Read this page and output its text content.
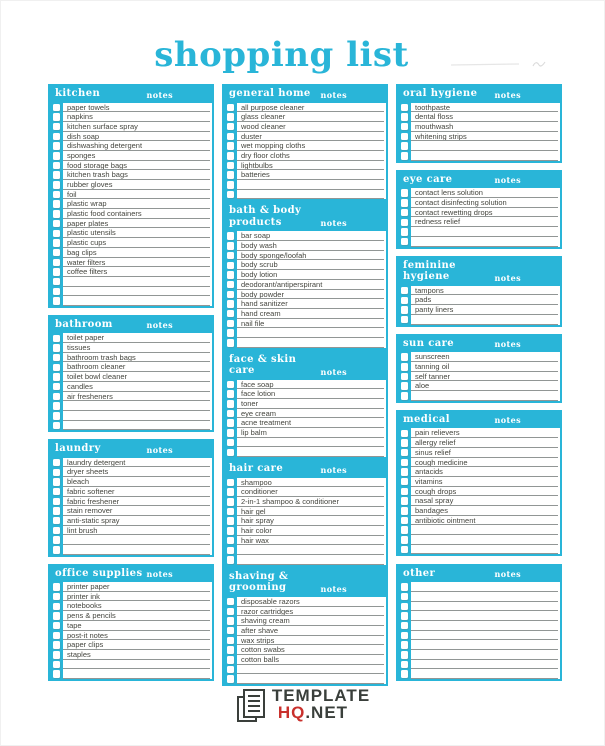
shopping list
kitchen	notes
paper towels
napkins
kitchen surface spray
dish soap
dishwashing detergent
sponges
food storage bags
kitchen trash bags
rubber gloves
foil
plastic wrap
plastic food containers
paper plates
plastic utensils
plastic cups
bag clips
water filters
coffee filters
bathroom	notes
toilet paper
tissues
bathroom trash bags
bathroom cleaner
toilet bowl cleaner
candles
air fresheners
laundry	notes
laundry detergent
dryer sheets
bleach
fabric softener
fabric freshener
stain remover
anti-static spray
lint brush
office supplies notes
printer paper
printer ink
notebooks
pens & pencils
tape
post-it notes
paper clips
staples
general home notes
all purpose cleaner
glass cleaner
wood cleaner
duster
wet mopping cloths
dry floor cloths
lightbulbs
batteries
bath & body
products	notes
bar soap
body wash
body sponge/loofah
body scrub
body lotion
deodorant/antiperspirant
body powder
hand sanitizer
hand cream
nail file
face & skin care	notes
face soap
face lotion
toner
eye cream
acne treatment
lip balm
hair care	notes
shampoo
conditioner
2-in-1 shampoo & conditioner
hair gel
hair spray
hair color
hair wax
shaving & grooming	notes
disposable razors
razor cartridges
shaving cream
after shave
wax strips
cotton swabs
cotton balls
oral hygiene notes
toothpaste
dental floss
mouthwash
whitening strips
eye care	notes
contact lens solution
contact disinfecting solution
contact rewetting drops
redness relief
feminine hygiene	notes
tampons
pads
panty liners
sun care	notes
sunscreen
tanning oil
self tanner
aloe
medical	notes
pain relievers
allergy relief
sinus relief
cough medicine
antacids
vitamins
cough drops
nasal spray
bandages
antibiotic ointment
other	notes
TEMPLATE
HQ.NET
